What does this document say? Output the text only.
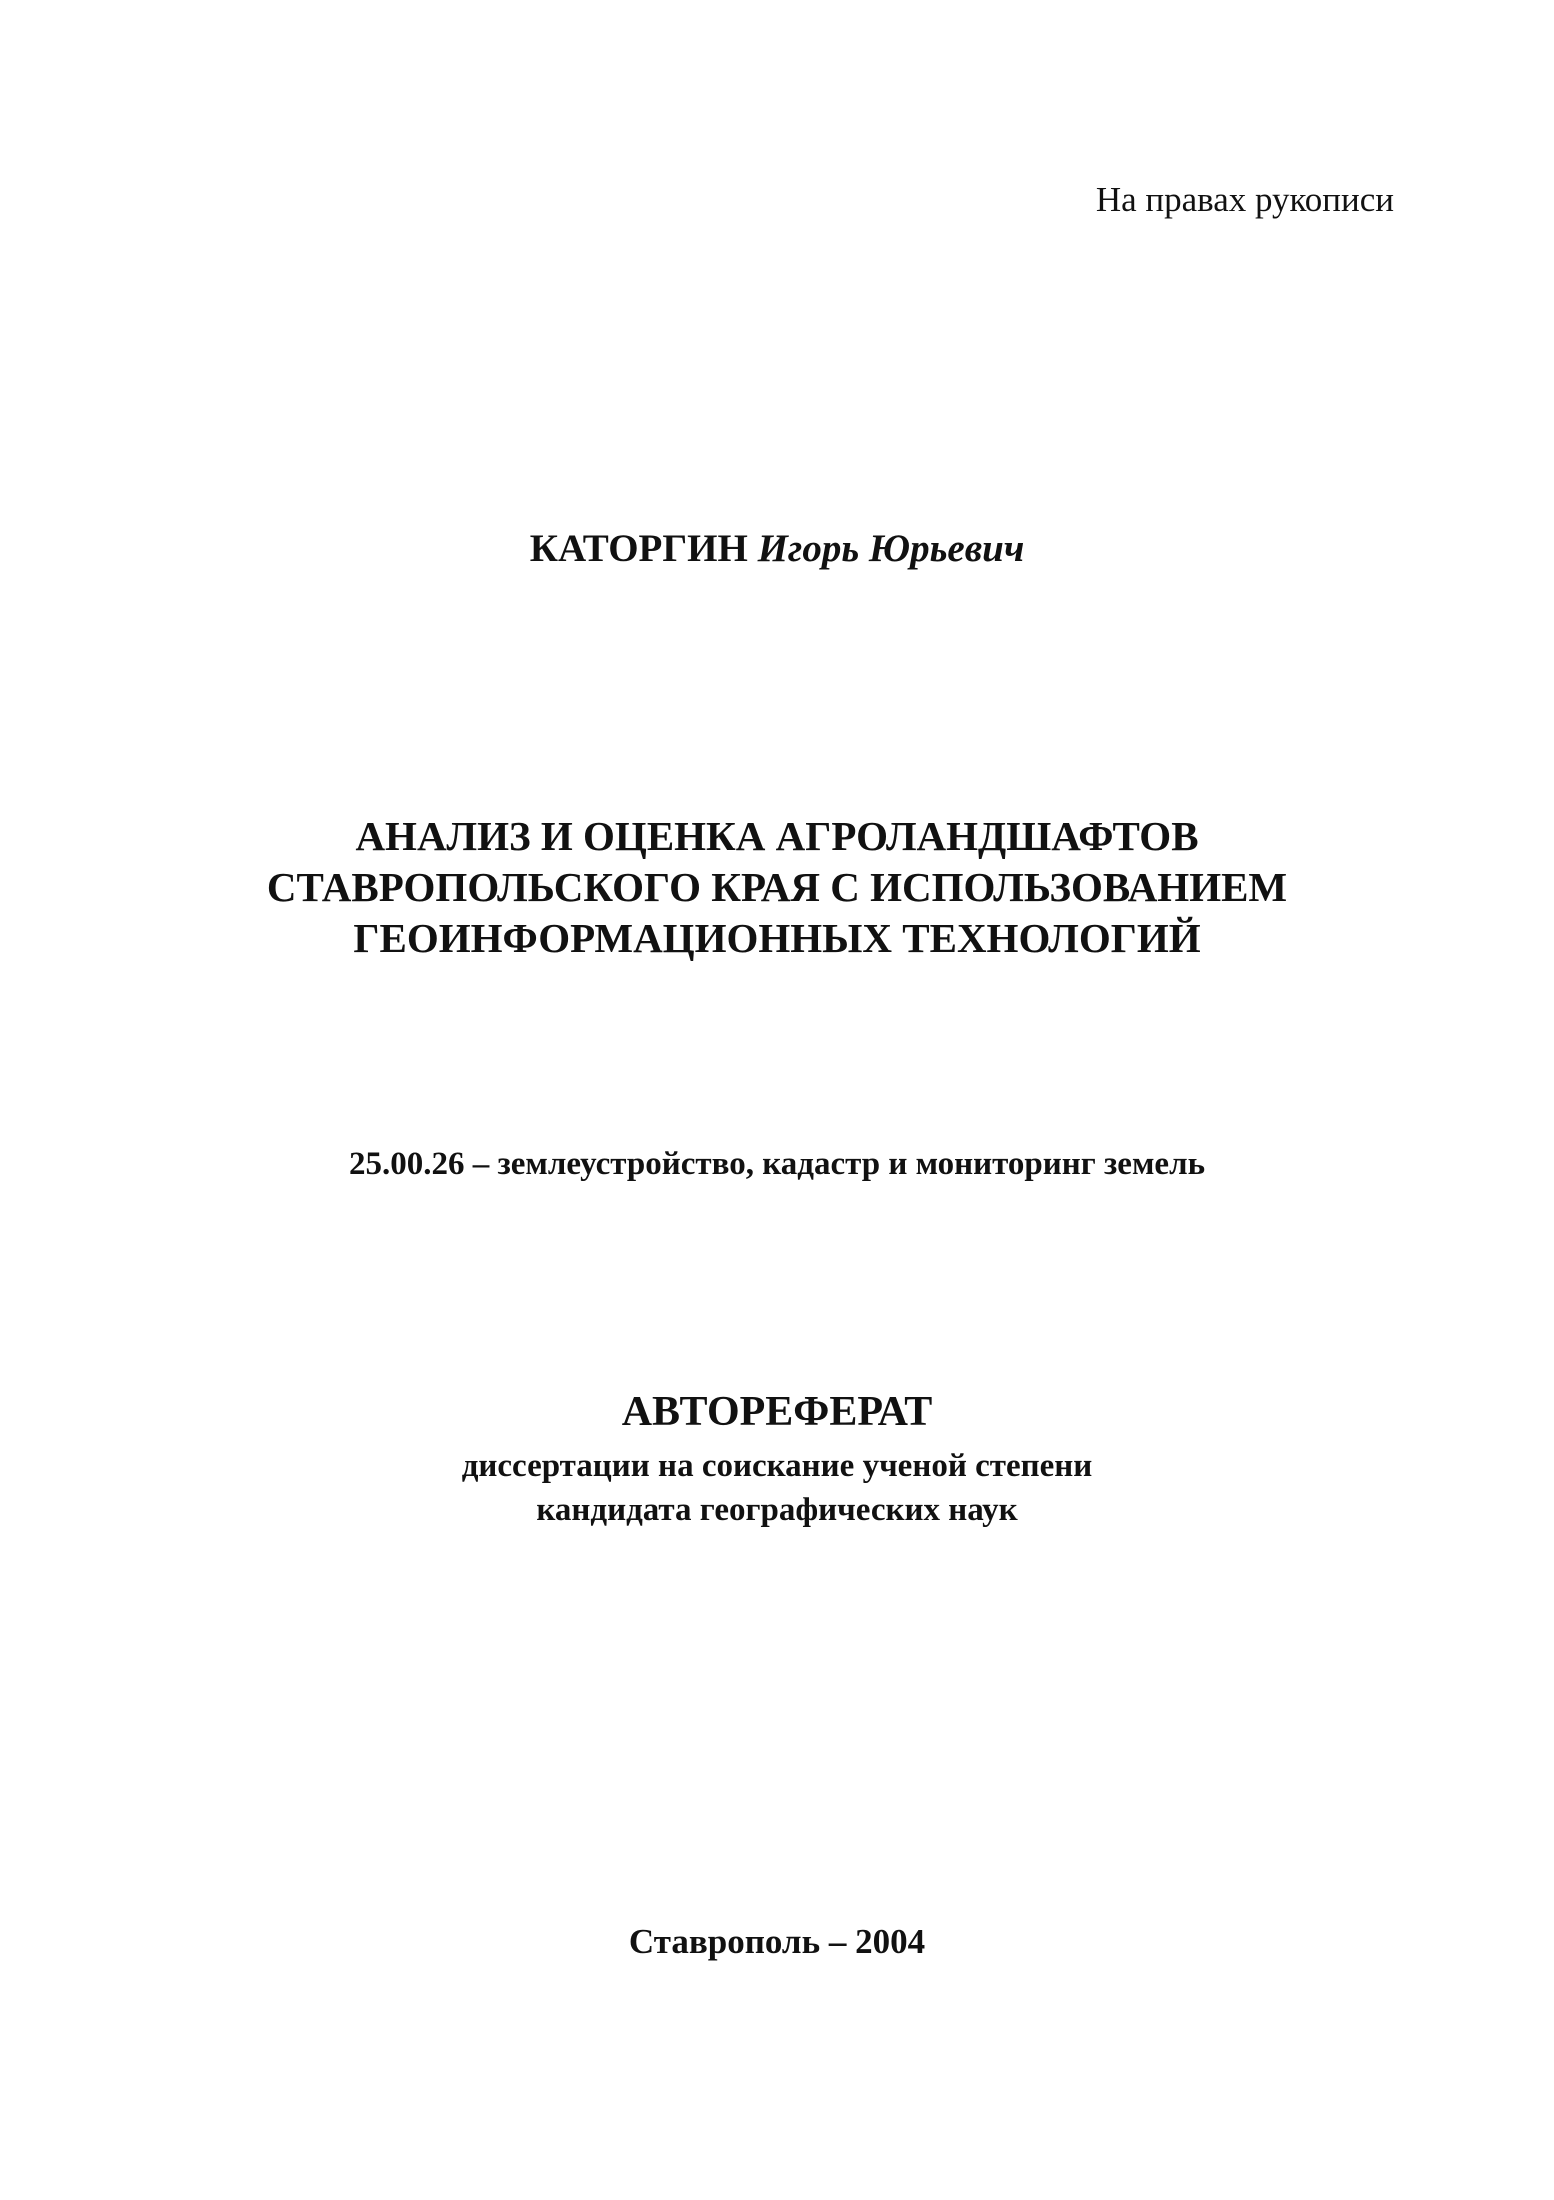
На правах рукописи
КАТОРГИН Игорь Юрьевич
АНАЛИЗ И ОЦЕНКА АГРОЛАНДШАФТОВ
СТАВРОПОЛЬСКОГО КРАЯ С ИСПОЛЬЗОВАНИЕМ
ГЕОИНФОРМАЦИОННЫХ ТЕХНОЛОГИЙ
25.00.26 – землеустройство, кадастр и мониторинг земель
АВТОРЕФЕРАТ
диссертации на соискание ученой степени
кандидата географических наук
Ставрополь – 2004
